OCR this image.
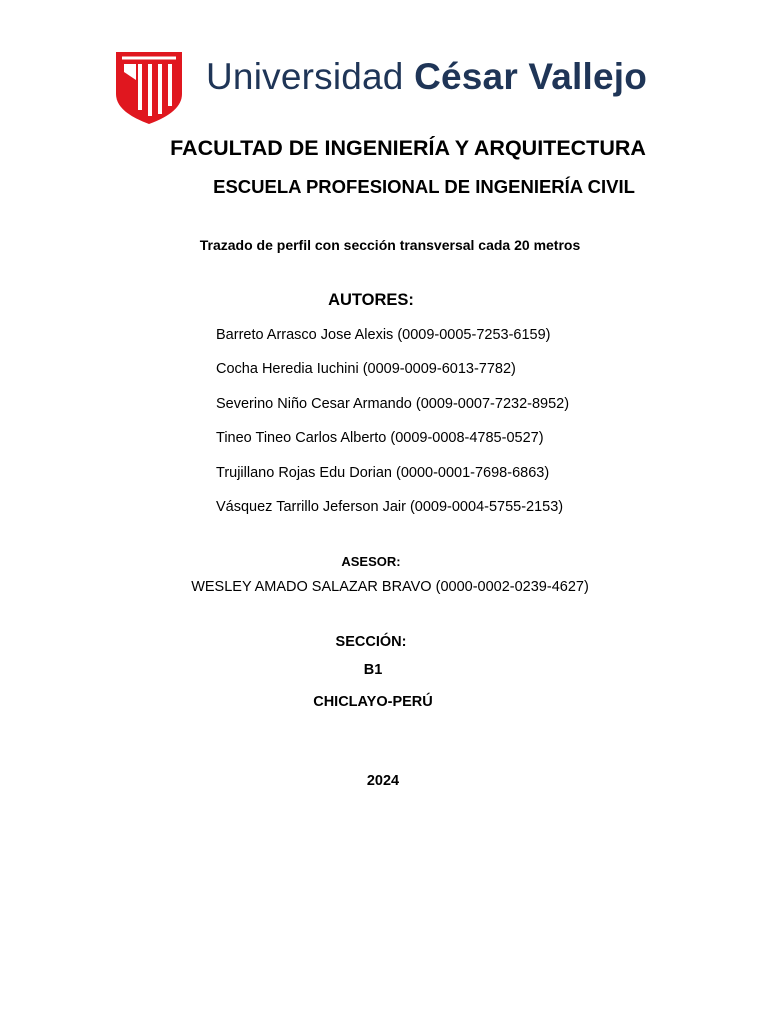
Universidad César Vallejo
FACULTAD DE INGENIERÍA Y ARQUITECTURA
ESCUELA PROFESIONAL DE INGENIERÍA CIVIL
Trazado de perfil con sección transversal cada 20 metros
AUTORES:
Barreto Arrasco Jose Alexis (0009-0005-7253-6159)
Cocha Heredia Iuchini (0009-0009-6013-7782)
Severino Niño Cesar Armando (0009-0007-7232-8952)
Tineo Tineo Carlos Alberto (0009-0008-4785-0527)
Trujillano Rojas Edu Dorian (0000-0001-7698-6863)
Vásquez Tarrillo Jeferson Jair (0009-0004-5755-2153)
ASESOR:
WESLEY AMADO SALAZAR BRAVO (0000-0002-0239-4627)
SECCIÓN:
B1
CHICLAYO-PERÚ
2024
